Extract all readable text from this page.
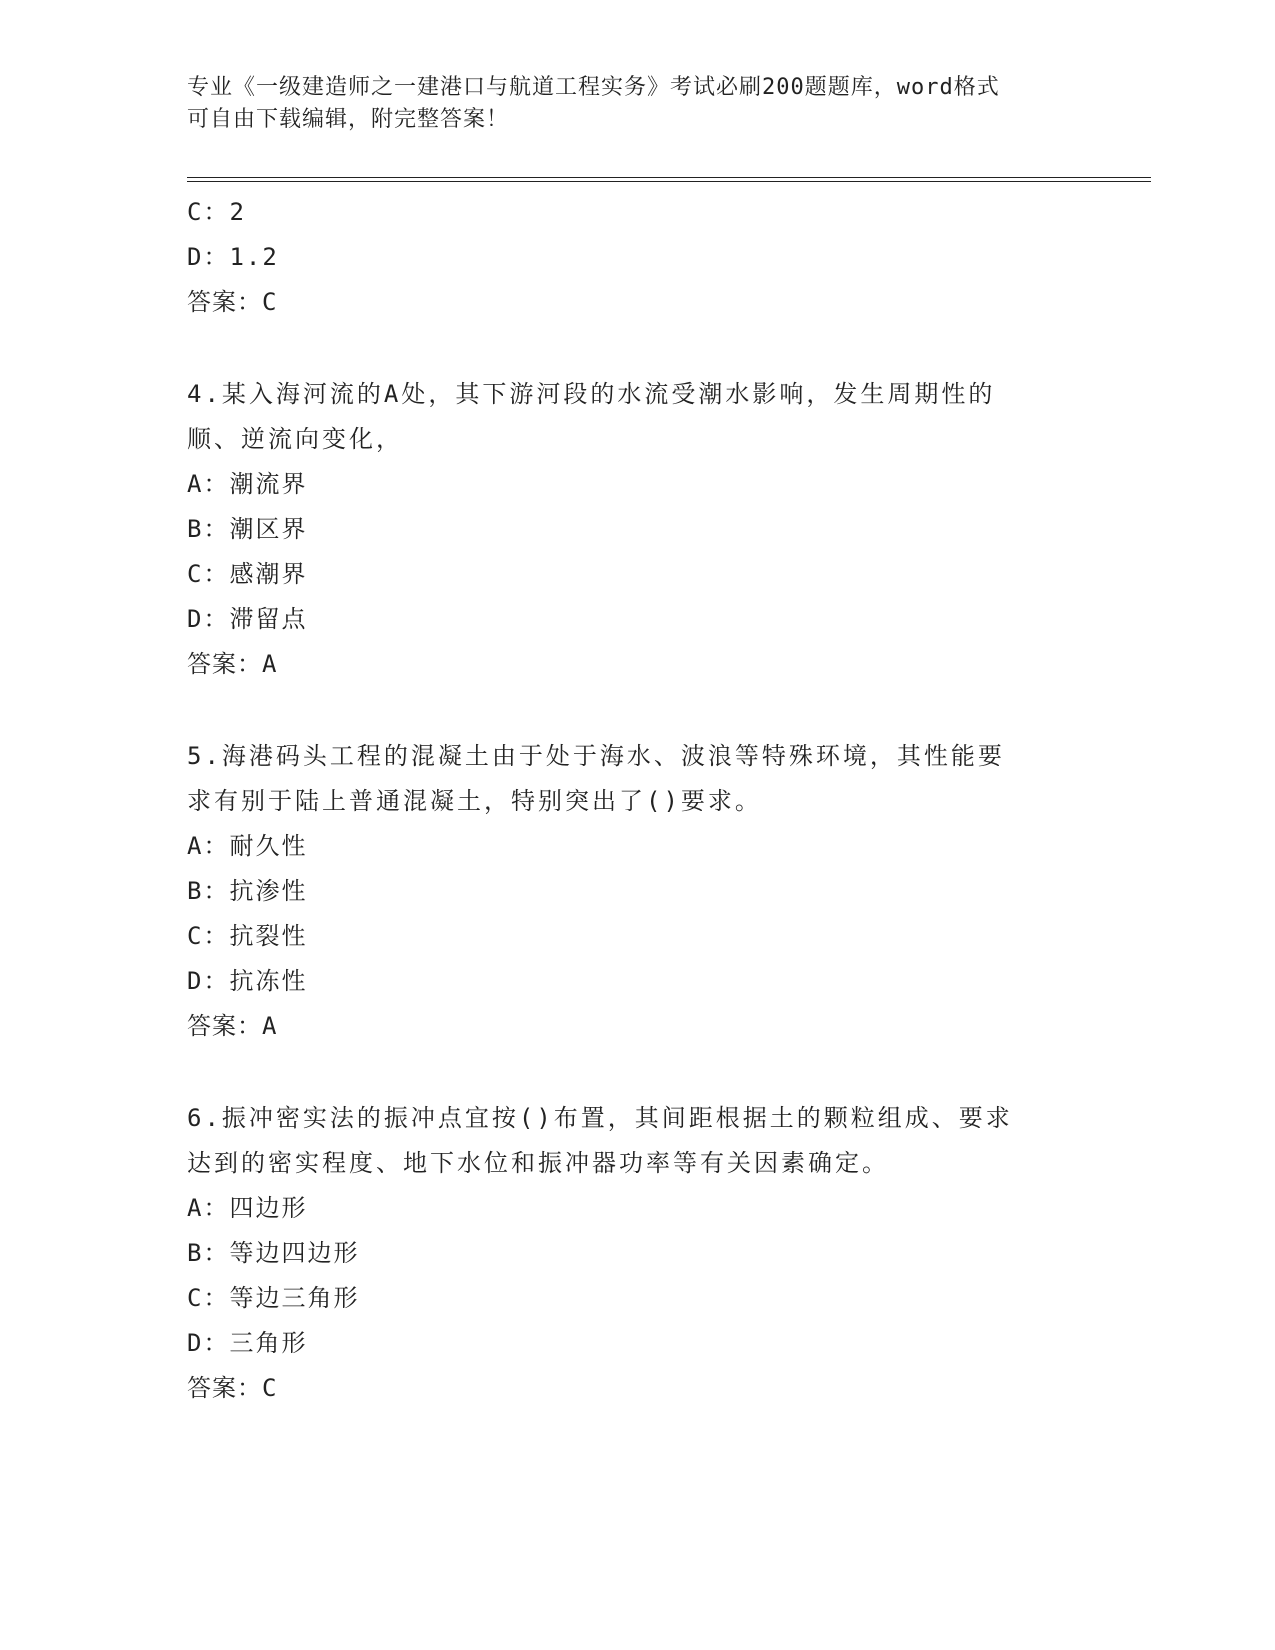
专业《一级建造师之一建港口与航道工程实务》考试必刷200题题库，word格式
可自由下载编辑，附完整答案！
C：2
D：1.2
答案：C
4.某入海河流的A处，其下游河段的水流受潮水影响，发生周期性的
顺、逆流向变化，
A：潮流界
B：潮区界
C：感潮界
D：滞留点
答案：A
5.海港码头工程的混凝土由于处于海水、波浪等特殊环境，其性能要
求有别于陆上普通混凝土，特别突出了()要求。
A：耐久性
B：抗渗性
C：抗裂性
D：抗冻性
答案：A
6.振冲密实法的振冲点宜按()布置，其间距根据土的颗粒组成、要求
达到的密实程度、地下水位和振冲器功率等有关因素确定。
A：四边形
B：等边四边形
C：等边三角形
D：三角形
答案：C
